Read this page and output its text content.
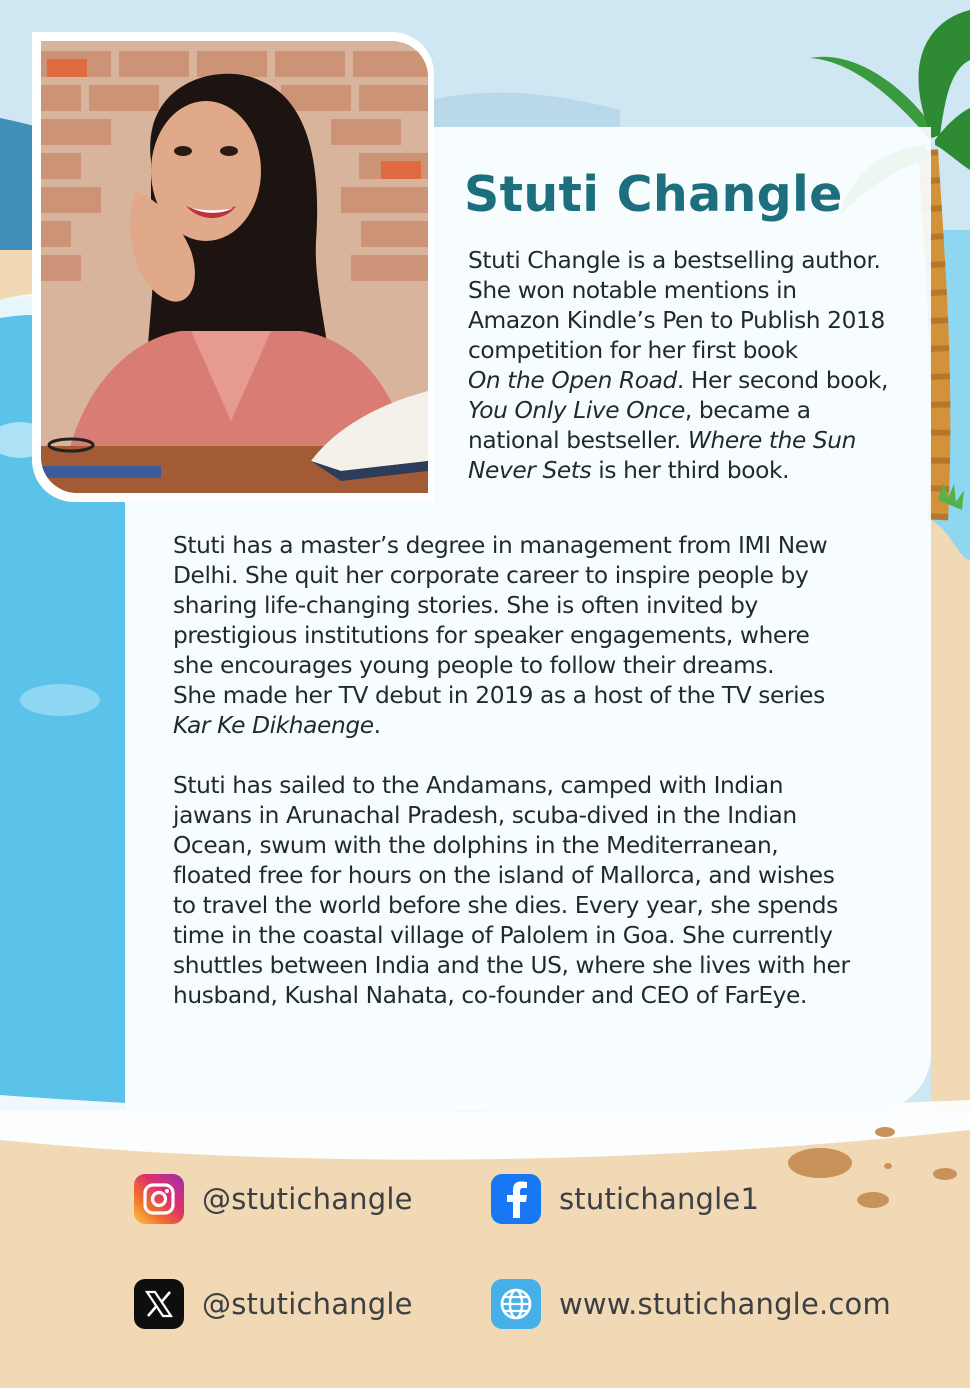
Stuti Changle

Stuti Changle is a bestselling author.
She won notable mentions in
Amazon Kindle’s Pen to Publish 2018
competition for her first book
On the Open Road. Her second book,
You Only Live Once, became a
national bestseller. Where the Sun
Never Sets is her third book.

Stuti has a master’s degree in management from IMI New
Delhi. She quit her corporate career to inspire people by
sharing life-changing stories. She is often invited by
prestigious institutions for speaker engagements, where
she encourages young people to follow their dreams.
She made her TV debut in 2019 as a host of the TV series
Kar Ke Dikhaenge.

Stuti has sailed to the Andamans, camped with Indian
jawans in Arunachal Pradesh, scuba-dived in the Indian
Ocean, swum with the dolphins in the Mediterranean,
floated free for hours on the island of Mallorca, and wishes
to travel the world before she dies. Every year, she spends
time in the coastal village of Palolem in Goa. She currently
shuttles between India and the US, where she lives with her
husband, Kushal Nahata, co-founder and CEO of FarEye.

@stutichangle	stutichangle1
@stutichangle	www.stutichangle.com
